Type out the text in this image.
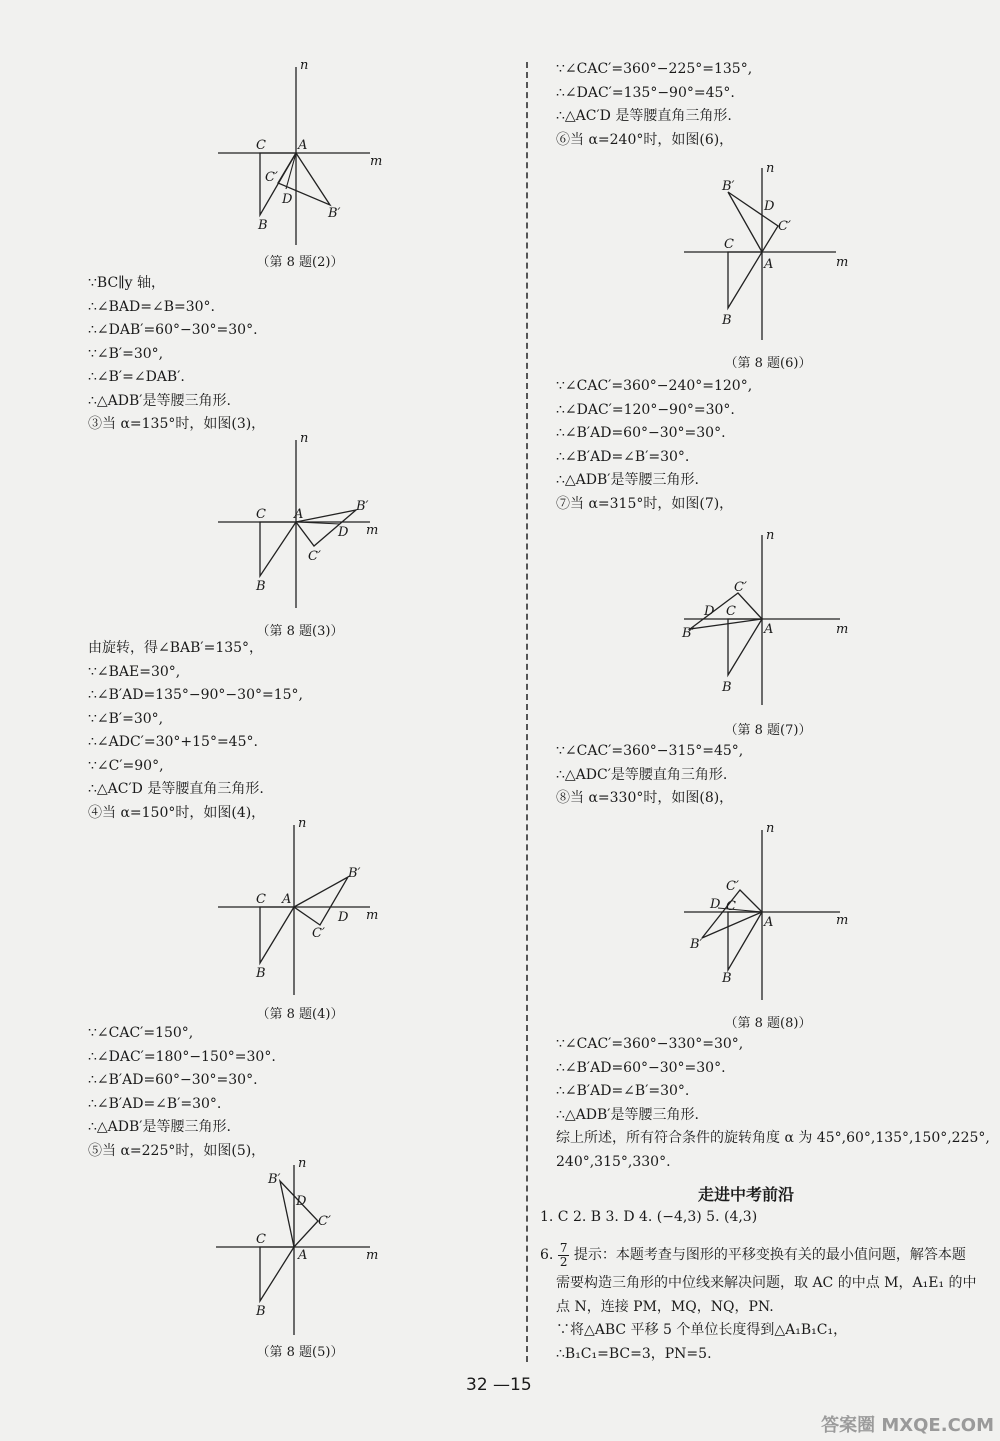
n
m
A
C
B
C′
D
B′
（第 8 题(2)）
∵BC∥y 轴，
∴∠BAD=∠B=30°.
∴∠DAB′=60°−30°=30°.
∵∠B′=30°,
∴∠B′=∠DAB′.
∴△ADB′是等腰三角形.
③当 α=135°时，如图(3)，
n
m
A
C
B
C′
D
B′
（第 8 题(3)）
由旋转，得∠BAB′=135°，
∵∠BAE=30°,
∴∠B′AD=135°−90°−30°=15°,
∵∠B′=30°,
∴∠ADC′=30°+15°=45°.
∵∠C′=90°,
∴△AC′D 是等腰直角三角形.
④当 α=150°时，如图(4)，
n
m
A
C
B
C′
D
B′
（第 8 题(4)）
∵∠CAC′=150°,
∴∠DAC′=180°−150°=30°.
∴∠B′AD=60°−30°=30°.
∴∠B′AD=∠B′=30°.
∴△ADB′是等腰三角形.
⑤当 α=225°时，如图(5)，
n
m
A
C
B
C′
D
B′
（第 8 题(5)）
∵∠CAC′=360°−225°=135°,
∴∠DAC′=135°−90°=45°.
∴△AC′D 是等腰直角三角形.
⑥当 α=240°时，如图(6)，
n
m
A
C
B
C′
D
B′
（第 8 题(6)）
∵∠CAC′=360°−240°=120°,
∴∠DAC′=120°−90°=30°.
∴∠B′AD=60°−30°=30°.
∴∠B′AD=∠B′=30°.
∴△ADB′是等腰三角形.
⑦当 α=315°时，如图(7)，
n
m
A
C
B
C′
D
B′
（第 8 题(7)）
∵∠CAC′=360°−315°=45°,
∴△ADC′是等腰直角三角形.
⑧当 α=330°时，如图(8)，
n
m
A
C
B
C′
D
B′
（第 8 题(8)）
∵∠CAC′=360°−330°=30°,
∴∠B′AD=60°−30°=30°.
∴∠B′AD=∠B′=30°.
∴△ADB′是等腰三角形.
综上所述，所有符合条件的旋转角度 α 为 45°,60°,135°,150°,225°,
240°,315°,330°.
走进中考前沿
1. C 2. B 3. D 4. (−4,3) 5. (4,3)
6. $\frac{7}{2}$ 提示：本题考查与图形的平移变换有关的最小值问题，解答本题
需要构造三角形的中位线来解决问题，取 AC 的中点 M，A₁E₁ 的中
点 N，连接 PM，MQ，NQ，PN.
∵将△ABC 平移 5 个单位长度得到△A₁B₁C₁，
∴B₁C₁=BC=3，PN=5.
32 —15
答案圈 MXQE.COM
